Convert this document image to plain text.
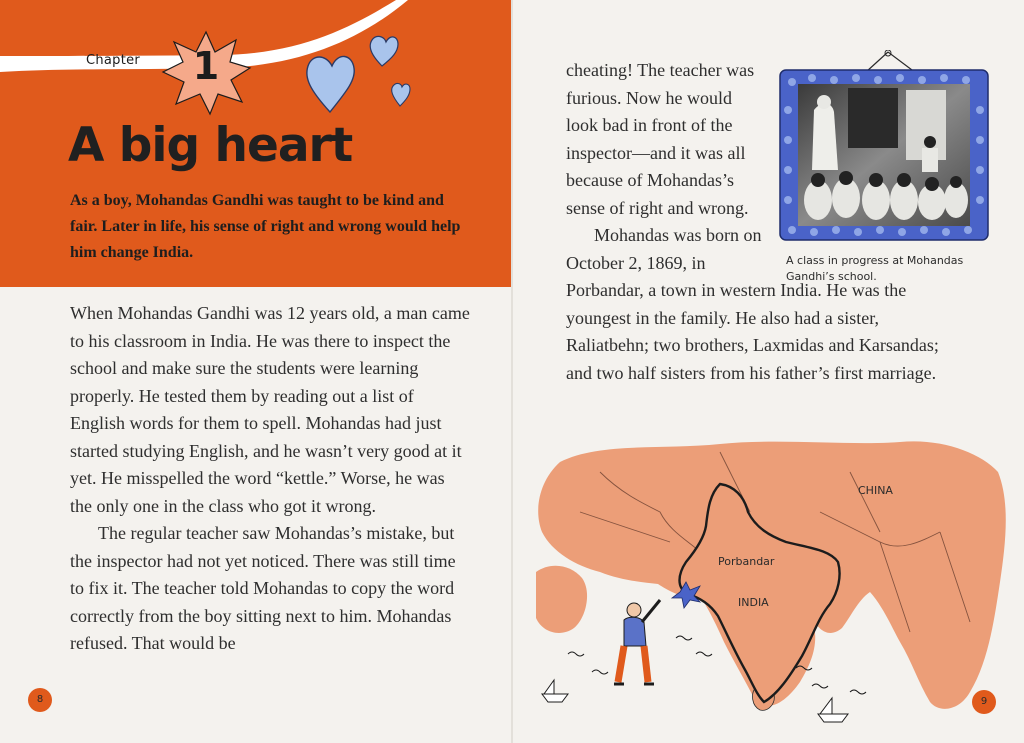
Chapter	1
A big heart

As a boy, Mohandas Gandhi was taught to be kind and fair. Later in life, his sense of right and wrong would help him change India.

When Mohandas Gandhi was 12 years old, a man came to his classroom in India. He was there to inspect the school and make sure the students were learning properly. He tested them by reading out a list of English words for them to spell. Mohandas had just started studying English, and he wasn’t very good at it yet. He misspelled the word “kettle.” Worse, he was the only one in the class who got it wrong.

The regular teacher saw Mohandas’s mistake, but the inspector had not yet noticed. There was still time to fix it. The teacher told Mohandas to copy the word correctly from the boy sitting next to him. Mohandas refused. That would be

8

cheating! The teacher was furious. Now he would look bad in front of the inspector—and it was all because of Mohandas’s sense of right and wrong.

Mohandas was born on October 2, 1869, in

Porbandar, a town in western India. He was the youngest in the family. He also had a sister, Raliatbehn; two brothers, Laxmidas and Karsandas; and two half sisters from his father’s first marriage.

A class in progress at Mohandas Gandhi’s school.
CHINA
Porbandar
INDIA
9
